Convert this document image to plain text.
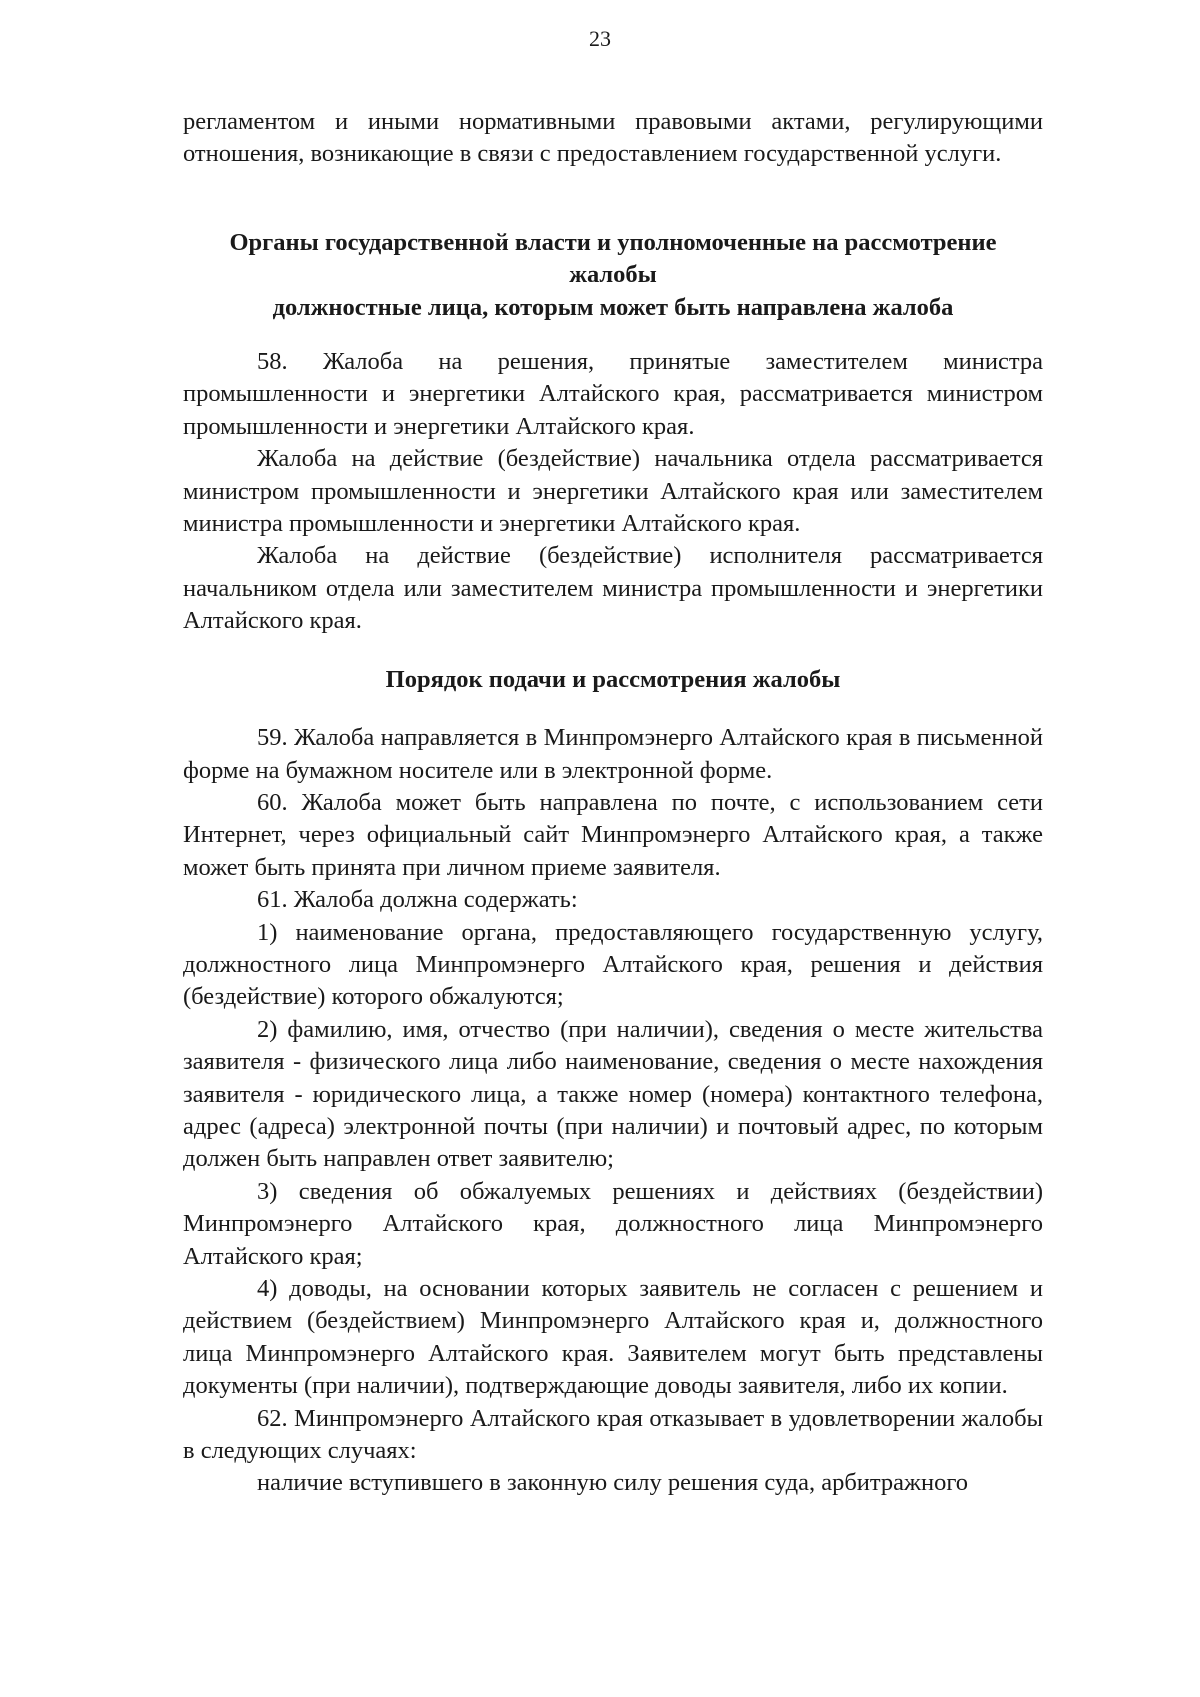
23

регламентом и иными нормативными правовыми актами, регулирующими отношения, возникающие в связи с предоставлением государственной услуги.

Органы государственной власти и уполномоченные на рассмотрение жалобы

должностные лица, которым может быть направлена жалоба

58. Жалоба на решения, принятые заместителем министра промышленности и энергетики Алтайского края, рассматривается министром промышленности и энергетики Алтайского края.

Жалоба на действие (бездействие) начальника отдела рассматривается министром промышленности и энергетики Алтайского края или заместителем министра промышленности и энергетики Алтайского края.

Жалоба на действие (бездействие) исполнителя рассматривается начальником отдела или заместителем министра промышленности и энергетики Алтайского края.

Порядок подачи и рассмотрения жалобы

59. Жалоба направляется в Минпромэнерго Алтайского края в письменной форме на бумажном носителе или в электронной форме.

60. Жалоба может быть направлена по почте, с использованием сети Интернет, через официальный сайт Минпромэнерго Алтайского края, а также может быть принята при личном приеме заявителя.

61. Жалоба должна содержать:

1) наименование органа, предоставляющего государственную услугу, должностного лица Минпромэнерго Алтайского края, решения и действия (бездействие) которого обжалуются;

2) фамилию, имя, отчество (при наличии), сведения о месте жительства заявителя - физического лица либо наименование, сведения о месте нахождения заявителя - юридического лица, а также номер (номера) контактного телефона, адрес (адреса) электронной почты (при наличии) и почтовый адрес, по которым должен быть направлен ответ заявителю;

3) сведения об обжалуемых решениях и действиях (бездействии) Минпромэнерго Алтайского края, должностного лица Минпромэнерго Алтайского края;

4) доводы, на основании которых заявитель не согласен с решением и действием (бездействием) Минпромэнерго Алтайского края и, должностного лица Минпромэнерго Алтайского края. Заявителем могут быть представлены документы (при наличии), подтверждающие доводы заявителя, либо их копии.

62. Минпромэнерго Алтайского края отказывает в удовлетворении жалобы в следующих случаях:

наличие вступившего в законную силу решения суда, арбитражного
